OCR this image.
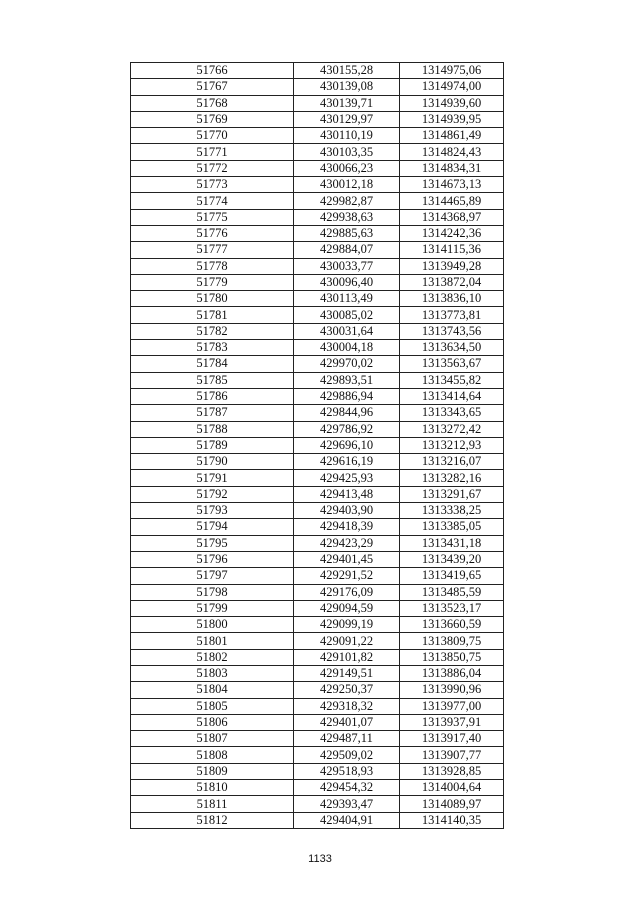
51766	430155,28	1314975,06
51767	430139,08	1314974,00
51768	430139,71	1314939,60
51769	430129,97	1314939,95
51770	430110,19	1314861,49
51771	430103,35	1314824,43
51772	430066,23	1314834,31
51773	430012,18	1314673,13
51774	429982,87	1314465,89
51775	429938,63	1314368,97
51776	429885,63	1314242,36
51777	429884,07	1314115,36
51778	430033,77	1313949,28
51779	430096,40	1313872,04
51780	430113,49	1313836,10
51781	430085,02	1313773,81
51782	430031,64	1313743,56
51783	430004,18	1313634,50
51784	429970,02	1313563,67
51785	429893,51	1313455,82
51786	429886,94	1313414,64
51787	429844,96	1313343,65
51788	429786,92	1313272,42
51789	429696,10	1313212,93
51790	429616,19	1313216,07
51791	429425,93	1313282,16
51792	429413,48	1313291,67
51793	429403,90	1313338,25
51794	429418,39	1313385,05
51795	429423,29	1313431,18
51796	429401,45	1313439,20
51797	429291,52	1313419,65
51798	429176,09	1313485,59
51799	429094,59	1313523,17
51800	429099,19	1313660,59
51801	429091,22	1313809,75
51802	429101,82	1313850,75
51803	429149,51	1313886,04
51804	429250,37	1313990,96
51805	429318,32	1313977,00
51806	429401,07	1313937,91
51807	429487,11	1313917,40
51808	429509,02	1313907,77
51809	429518,93	1313928,85
51810	429454,32	1314004,64
51811	429393,47	1314089,97
51812	429404,91	1314140,35
1133
